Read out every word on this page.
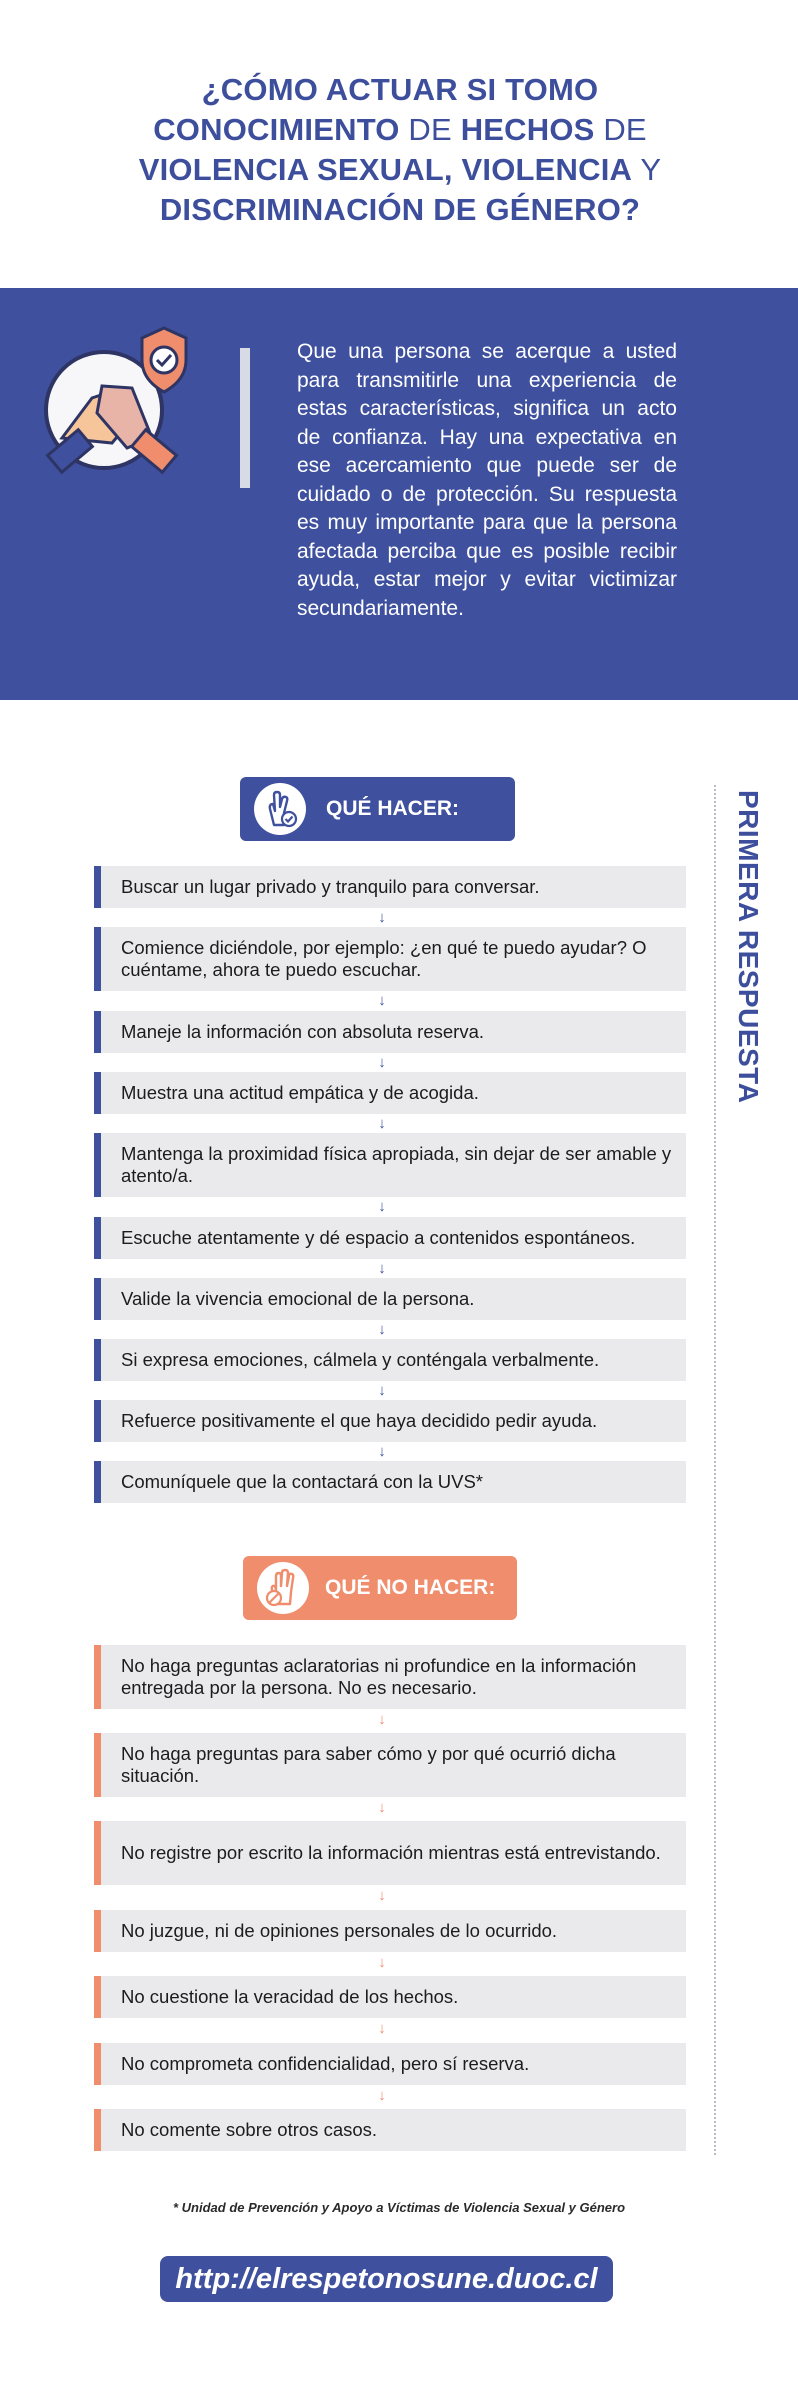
¿CÓMO ACTUAR SI TOMO
CONOCIMIENTO DE HECHOS DE
VIOLENCIA SEXUAL, VIOLENCIA Y
DISCRIMINACIÓN DE GÉNERO?
Que una persona se acerque a usted para transmitirle una experiencia de estas características, significa un acto de confianza. Hay una expectativa en ese acercamiento que puede ser de cuidado o de protección. Su respuesta es muy importante para que la persona afectada perciba que es posible recibir ayuda, estar mejor y evitar victimizar secundariamente.
PRIMERA RESPUESTA
QUÉ HACER:
Buscar un lugar privado y tranquilo para conversar.
↓
Comience diciéndole, por ejemplo: ¿en qué te puedo ayudar? O cuéntame, ahora te puedo escuchar.
↓
Maneje la información con absoluta reserva.
↓
Muestra una actitud empática y de acogida.
↓
Mantenga la proximidad física apropiada, sin dejar de ser amable y atento/a.
↓
Escuche atentamente y dé espacio a contenidos espontáneos.
↓
Valide la vivencia emocional de la persona.
↓
Si expresa emociones, cálmela y conténgala verbalmente.
↓
Refuerce positivamente el que haya decidido pedir ayuda.
↓
Comuníquele que la contactará con la UVS*
QUÉ NO HACER:
No haga preguntas aclaratorias ni profundice en la información entregada por la persona. No es necesario.
↓
No haga preguntas para saber cómo y por qué ocurrió dicha situación.
↓
No registre por escrito la información mientras está entrevistando.
↓
No juzgue, ni de opiniones personales de lo ocurrido.
↓
No cuestione la veracidad de los hechos.
↓
No comprometa confidencialidad, pero sí reserva.
↓
No comente sobre otros casos.
* Unidad de Prevención y Apoyo a Víctimas de Violencia Sexual y Género
http://elrespetonosune.duoc.cl
